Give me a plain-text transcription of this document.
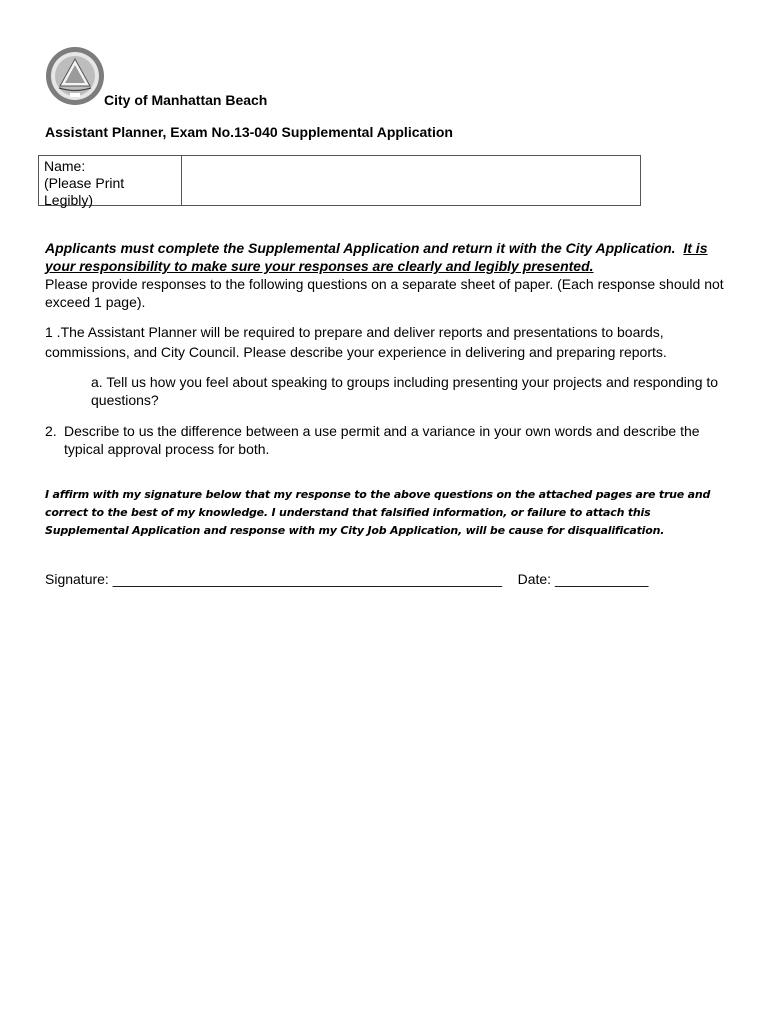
City of Manhattan Beach
Assistant Planner, Exam No.13-040 Supplemental Application
Name:
(Please Print
Legibly)
Applicants must complete the Supplemental Application and return it with the City Application. It is your responsibility to make sure your responses are clearly and legibly presented.
Please provide responses to the following questions on a separate sheet of paper. (Each response should not exceed 1 page).
1 .The Assistant Planner will be required to prepare and deliver reports and presentations to boards, commissions, and City Council. Please describe your experience in delivering and preparing reports.
a. Tell us how you feel about speaking to groups including presenting your projects and responding to questions?
2. Describe to us the difference between a use permit and a variance in your own words and describe the typical approval process for both.
I affirm with my signature below that my response to the above questions on the attached pages are true and correct to the best of my knowledge. I understand that falsified information, or failure to attach this Supplemental Application and response with my City Job Application, will be cause for disqualification.
Signature: __________________________________________________ Date: ____________
